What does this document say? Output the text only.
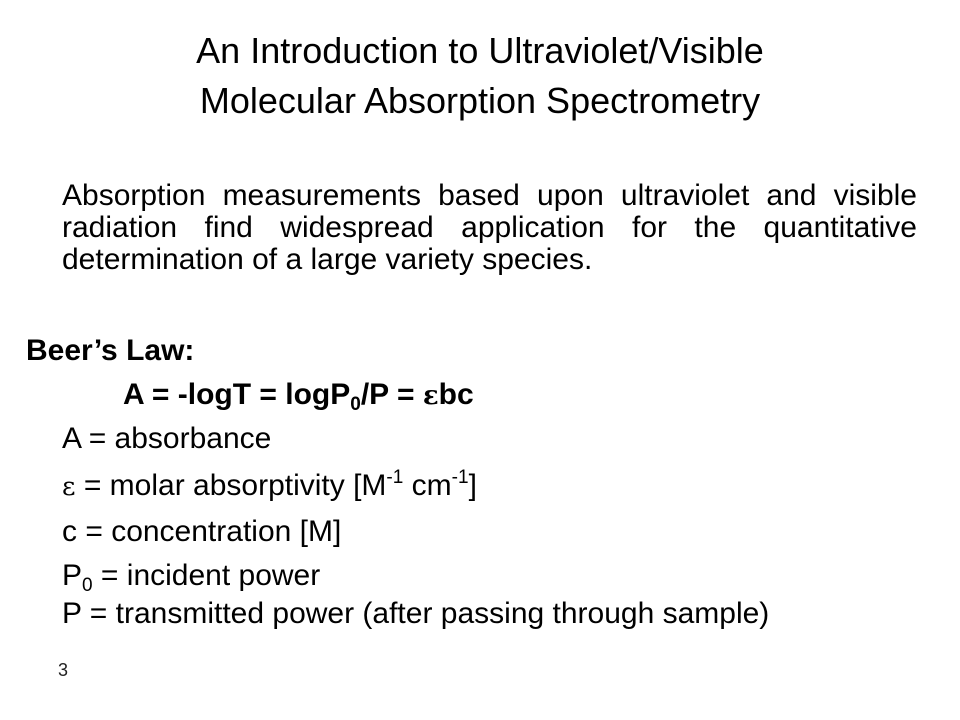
An Introduction to Ultraviolet/Visible
Molecular Absorption Spectrometry
Absorption measurements based upon ultraviolet and visible radiation find widespread application for the quantitative determination of a large variety species.
Beer’s Law:
A = -logT = logP$_0$/P = εbc
A = absorbance
ε = molar absorptivity [$M^{-1}$ $cm^{-1}$]
c = concentration [M]
$P_0$ = incident power
P = transmitted power (after passing through sample)
3
